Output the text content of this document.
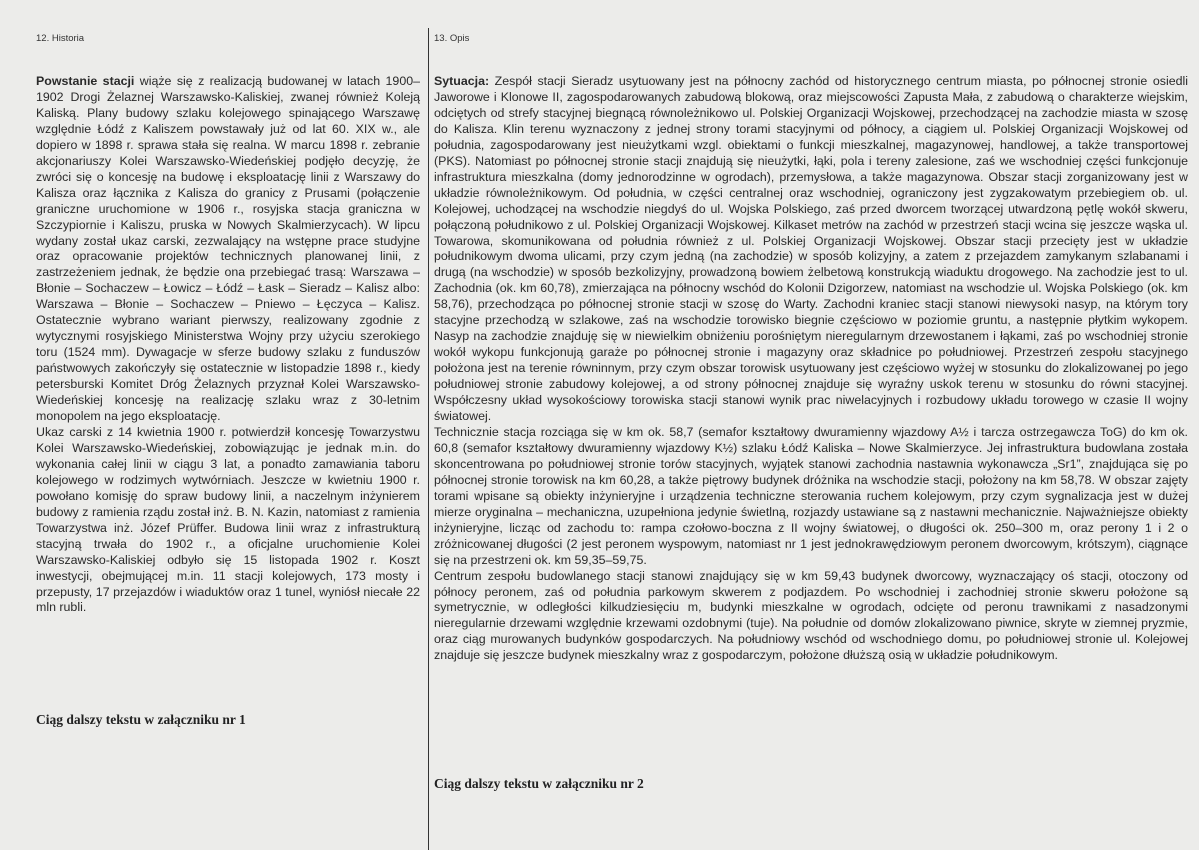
12. Historia

Powstanie stacji wiąże się z realizacją budowanej w latach 1900–1902 Drogi Żelaznej Warszawsko-Kaliskiej, zwanej również Koleją Kaliską. Plany budowy szlaku kolejowego spinającego Warszawę względnie Łódź z Kaliszem powstawały już od lat 60. XIX w., ale dopiero w 1898 r. sprawa stała się realna. W marcu 1898 r. zebranie akcjonariuszy Kolei Warszawsko-Wiedeńskiej podjęło decyzję, że zwróci się o koncesję na budowę i eksploatację linii z Warszawy do Kalisza oraz łącznika z Kalisza do granicy z Prusami (połączenie graniczne uruchomione w 1906 r., rosyjska stacja graniczna w Szczypiornie i Kaliszu, pruska w Nowych Skalmierzycach). W lipcu wydany został ukaz carski, zezwalający na wstępne prace studyjne oraz opracowanie projektów technicznych planowanej linii, z zastrzeżeniem jednak, że będzie ona przebiegać trasą: Warszawa – Błonie – Sochaczew – Łowicz – Łódź – Łask – Sieradz – Kalisz albo: Warszawa – Błonie – Sochaczew – Pniewo – Łęczyca – Kalisz. Ostatecznie wybrano wariant pierwszy, realizowany zgodnie z wytycznymi rosyjskiego Ministerstwa Wojny przy użyciu szerokiego toru (1524 mm). Dywagacje w sferze budowy szlaku z funduszów państwowych zakończyły się ostatecznie w listopadzie 1898 r., kiedy petersburski Komitet Dróg Żelaznych przyznał Kolei Warszawsko-Wiedeńskiej koncesję na realizację szlaku wraz z 30-letnim monopolem na jego eksploatację.

Ukaz carski z 14 kwietnia 1900 r. potwierdził koncesję Towarzystwu Kolei Warszawsko-Wiedeńskiej, zobowiązując je jednak m.in. do wykonania całej linii w ciągu 3 lat, a ponadto zamawiania taboru kolejowego w rodzimych wytwórniach. Jeszcze w kwietniu 1900 r. powołano komisję do spraw budowy linii, a naczelnym inżynierem budowy z ramienia rządu został inż. B. N. Kazin, natomiast z ramienia Towarzystwa inż. Józef Prüffer. Budowa linii wraz z infrastrukturą stacyjną trwała do 1902 r., a oficjalne uruchomienie Kolei Warszawsko-Kaliskiej odbyło się 15 listopada 1902 r. Koszt inwestycji, obejmującej m.in. 11 stacji kolejowych, 173 mosty i przepusty, 17 przejazdów i wiaduktów oraz 1 tunel, wyniósł niecałe 22 mln rubli.

Ciąg dalszy tekstu w załączniku nr 1
13. Opis

Sytuacja: Zespół stacji Sieradz usytuowany jest na północny zachód od historycznego centrum miasta, po północnej stronie osiedli Jaworowe i Klonowe II, zagospodarowanych zabudową blokową, oraz miejscowości Zapusta Mała, z zabudową o charakterze wiejskim, odciętych od strefy stacyjnej biegnącą równoleżnikowo ul. Polskiej Organizacji Wojskowej, przechodzącej na zachodzie miasta w szosę do Kalisza. Klin terenu wyznaczony z jednej strony torami stacyjnymi od północy, a ciągiem ul. Polskiej Organizacji Wojskowej od południa, zagospodarowany jest nieużytkami wzgl. obiektami o funkcji mieszkalnej, magazynowej, handlowej, a także transportowej (PKS). Natomiast po północnej stronie stacji znajdują się nieużytki, łąki, pola i tereny zalesione, zaś we wschodniej części funkcjonuje infrastruktura mieszkalna (domy jednorodzinne w ogrodach), przemysłowa, a także magazynowa. Obszar stacji zorganizowany jest w układzie równoleżnikowym. Od południa, w części centralnej oraz wschodniej, ograniczony jest zygzakowatym przebiegiem ob. ul. Kolejowej, uchodzącej na wschodzie niegdyś do ul. Wojska Polskiego, zaś przed dworcem tworzącej utwardzoną pętlę wokół skweru, połączoną południkowo z ul. Polskiej Organizacji Wojskowej. Kilkaset metrów na zachód w przestrzeń stacji wcina się jeszcze wąska ul. Towarowa, skomunikowana od południa również z ul. Polskiej Organizacji Wojskowej. Obszar stacji przecięty jest w układzie południkowym dwoma ulicami, przy czym jedną (na zachodzie) w sposób kolizyjny, a zatem z przejazdem zamykanym szlabanami i drugą (na wschodzie) w sposób bezkolizyjny, prowadzoną bowiem żelbetową konstrukcją wiaduktu drogowego. Na zachodzie jest to ul. Zachodnia (ok. km 60,78), zmierzająca na północny wschód do Kolonii Dzigorzew, natomiast na wschodzie ul. Wojska Polskiego (ok. km 58,76), przechodząca po północnej stronie stacji w szosę do Warty. Zachodni kraniec stacji stanowi niewysoki nasyp, na którym tory stacyjne przechodzą w szlakowe, zaś na wschodzie torowisko biegnie częściowo w poziomie gruntu, a następnie płytkim wykopem. Nasyp na zachodzie znajduję się w niewielkim obniżeniu porośniętym nieregularnym drzewostanem i łąkami, zaś po wschodniej stronie wokół wykopu funkcjonują garaże po północnej stronie i magazyny oraz składnice po południowej. Przestrzeń zespołu stacyjnego położona jest na terenie równinnym, przy czym obszar torowisk usytuowany jest częściowo wyżej w stosunku do zlokalizowanej po jego południowej stronie zabudowy kolejowej, a od strony północnej znajduje się wyraźny uskok terenu w stosunku do równi stacyjnej. Współczesny układ wysokościowy torowiska stacji stanowi wynik prac niwelacyjnych i rozbudowy układu torowego w czasie II wojny światowej.

Technicznie stacja rozciąga się w km ok. 58,7 (semafor kształtowy dwuramienny wjazdowy A½ i tarcza ostrzegawcza ToG) do km ok. 60,8 (semafor kształtowy dwuramienny wjazdowy K½) szlaku Łódź Kaliska – Nowe Skalmierzyce. Jej infrastruktura budowlana została skoncentrowana po południowej stronie torów stacyjnych, wyjątek stanowi zachodnia nastawnia wykonawcza „Sr1”, znajdująca się po północnej stronie torowisk na km 60,28, a także piętrowy budynek dróżnika na wschodzie stacji, położony na km 58,78. W obszar zajęty torami wpisane są obiekty inżynieryjne i urządzenia techniczne sterowania ruchem kolejowym, przy czym sygnalizacja jest w dużej mierze oryginalna – mechaniczna, uzupełniona jedynie świetlną, rozjazdy ustawiane są z nastawni mechanicznie. Najważniejsze obiekty inżynieryjne, licząc od zachodu to: rampa czołowo-boczna z II wojny światowej, o długości ok. 250–300 m, oraz perony 1 i 2 o zróżnicowanej długości (2 jest peronem wyspowym, natomiast nr 1 jest jednokrawędziowym peronem dworcowym, krótszym), ciągnące się na przestrzeni ok. km 59,35–59,75.

Centrum zespołu budowlanego stacji stanowi znajdujący się w km 59,43 budynek dworcowy, wyznaczający oś stacji, otoczony od północy peronem, zaś od południa parkowym skwerem z podjazdem. Po wschodniej i zachodniej stronie skweru położone są symetrycznie, w odległości kilkudziesięciu m, budynki mieszkalne w ogrodach, odcięte od peronu trawnikami z nasadzonymi nieregularnie drzewami względnie krzewami ozdobnymi (tuje). Na południe od domów zlokalizowano piwnice, skryte w ziemnej pryzmie, oraz ciąg murowanych budynków gospodarczych. Na południowy wschód od wschodniego domu, po południowej stronie ul. Kolejowej znajduje się jeszcze budynek mieszkalny wraz z gospodarczym, położone dłuższą osią w układzie południkowym.

Ciąg dalszy tekstu w załączniku nr 2
